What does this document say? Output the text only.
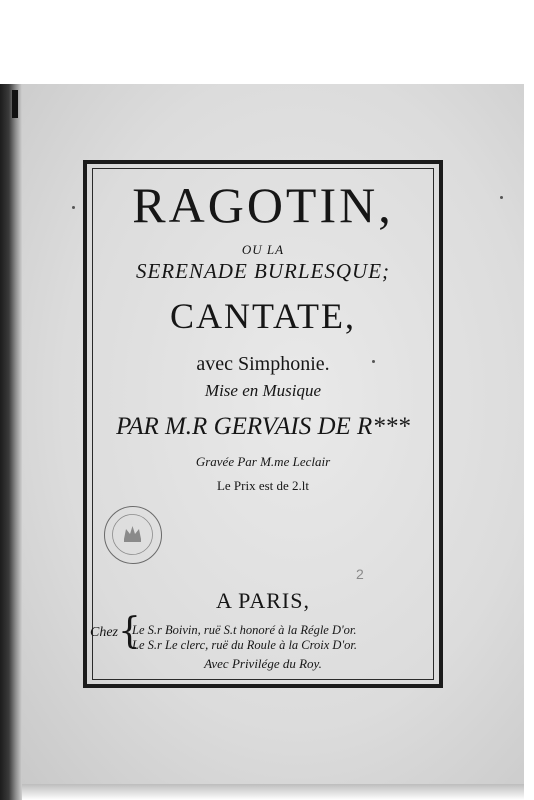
RAGOTIN,
OU LA
SERENADE BURLESQUE;
CANTATE,
avec Simphonie.
Mise en Musique
PAR M.R GERVAIS DE R***
Gravée Par M.me Leclair
Le Prix est de 2.lt
2
A PARIS,
Chez {
Le S.r Boivin, ruë S.t honoré à la Régle D'or.
Le S.r Le clerc, ruë du Roule à la Croix D'or.
Avec Privilége du Roy.
